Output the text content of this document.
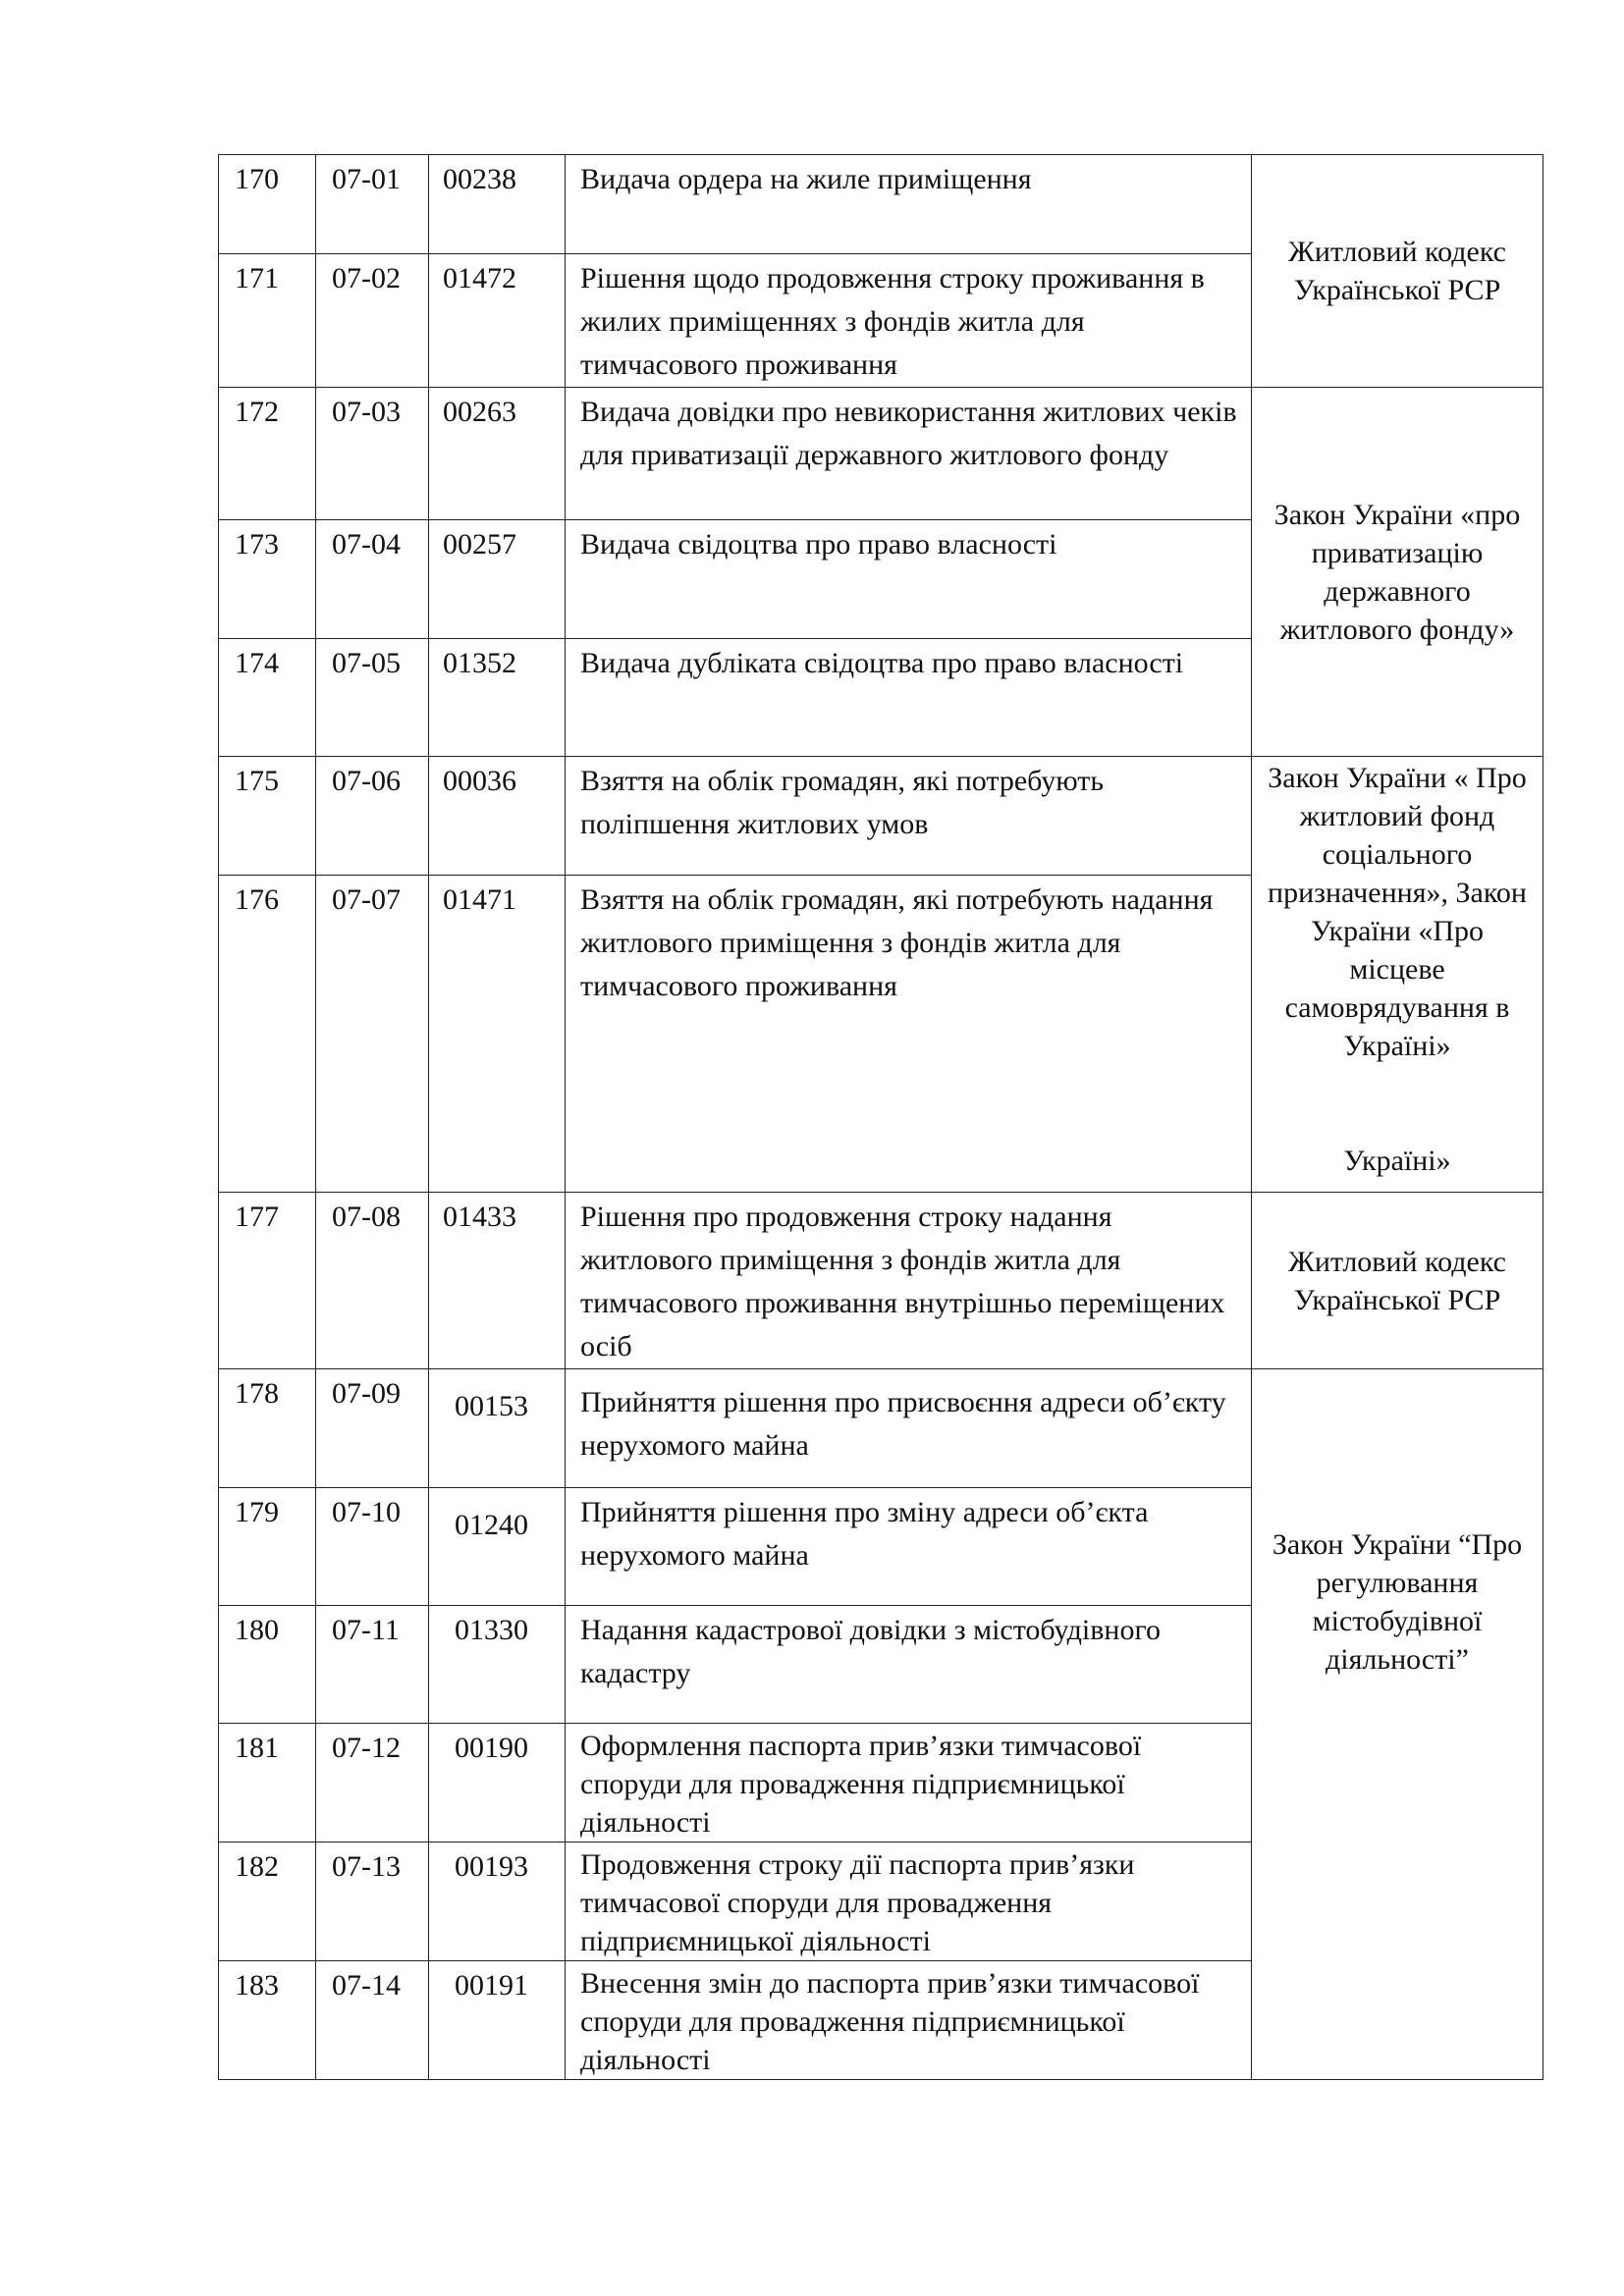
170	07-01	00238	Видача ордера на жиле приміщення	Житловий кодекс Української РСР

171	07-02	01472	Рішення щодо продовження строку проживання в жилих приміщеннях з фондів житла для тимчасового проживання	
172	07-03	00263	Видача довідки про невикористання житлових чеків для приватизації державного житлового фонду	Закон України «про приватизацію державного житлового фонду»

173	07-04	00257	Видача свідоцтва про право власності	
174	07-05	01352	Видача дубліката свідоцтва про право власності	
175	07-06	00036	Взяття на облік громадян, які потребують поліпшення житлових умов	Закон України « Про житловий фонд соціального призначення», Закон України «Про місцеве самоврядування в Україні»
Україні»

176	07-07	01471	Взяття на облік громадян, які потребують надання житлового приміщення з фондів житла для тимчасового проживання	
177	07-08	01433	Рішення про продовження строку надання житлового приміщення з фондів житла для тимчасового проживання внутрішньо переміщених осіб	Житловий кодекс Української РСР

178	07-09	00153	Прийняття рішення про присвоєння адреси об’єкту нерухомого майна	Закон України “Про регулювання містобудівної діяльності”

179	07-10	01240	Прийняття рішення про зміну адреси об’єкта нерухомого майна	
180	07-11	01330	Надання кадастрової довідки з містобудівного кадастру	
181	07-12	00190	Оформлення паспорта прив’язки тимчасової споруди для провадження підприємницької діяльності	
182	07-13	00193	Продовження строку дії паспорта прив’язки тимчасової споруди для провадження підприємницької діяльності	
183	07-14	00191	Внесення змін до паспорта прив’язки тимчасової споруди для провадження підприємницької діяльності	
